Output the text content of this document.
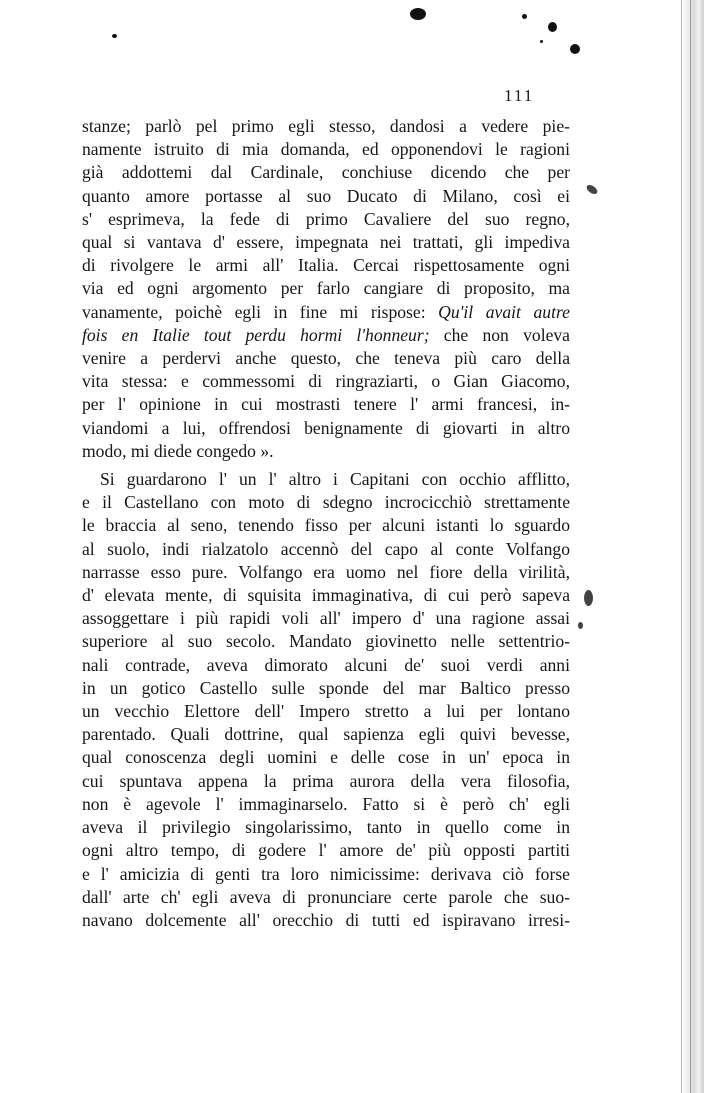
111
stanze; parlò pel primo egli stesso, dandosi a vedere pie-
namente istruito di mia domanda, ed opponendovi le ragioni
già addottemi dal Cardinale, conchiuse dicendo che per
quanto amore portasse al suo Ducato di Milano, così ei
s' esprimeva, la fede di primo Cavaliere del suo regno,
qual si vantava d' essere, impegnata nei trattati, gli impediva
di rivolgere le armi all' Italia. Cercai rispettosamente ogni
via ed ogni argomento per farlo cangiare di proposito, ma
vanamente, poichè egli in fine mi rispose: Qu'il avait autre
fois en Italie tout perdu hormi l'honneur; che non voleva
venire a perdervi anche questo, che teneva più caro della
vita stessa: e commessomi di ringraziarti, o Gian Giacomo,
per l' opinione in cui mostrasti tenere l' armi francesi, in-
viandomi a lui, offrendosi benignamente di giovarti in altro
modo, mi diede congedo ».
Si guardarono l' un l' altro i Capitani con occhio afflitto,
e il Castellano con moto di sdegno incrocicchiò strettamente
le braccia al seno, tenendo fisso per alcuni istanti lo sguardo
al suolo, indi rialzatolo accennò del capo al conte Volfango
narrasse esso pure. Volfango era uomo nel fiore della virilità,
d' elevata mente, di squisita immaginativa, di cui però sapeva
assoggettare i più rapidi voli all' impero d' una ragione assai
superiore al suo secolo. Mandato giovinetto nelle settentrio-
nali contrade, aveva dimorato alcuni de' suoi verdi anni
in un gotico Castello sulle sponde del mar Baltico presso
un vecchio Elettore dell' Impero stretto a lui per lontano
parentado. Quali dottrine, qual sapienza egli quivi bevesse,
qual conoscenza degli uomini e delle cose in un' epoca in
cui spuntava appena la prima aurora della vera filosofia,
non è agevole l' immaginarselo. Fatto si è però ch' egli
aveva il privilegio singolarissimo, tanto in quello come in
ogni altro tempo, di godere l' amore de' più opposti partiti
e l' amicizia di genti tra loro nimicissime: derivava ciò forse
dall' arte ch' egli aveva di pronunciare certe parole che suo-
navano dolcemente all' orecchio di tutti ed ispiravano irresi-
